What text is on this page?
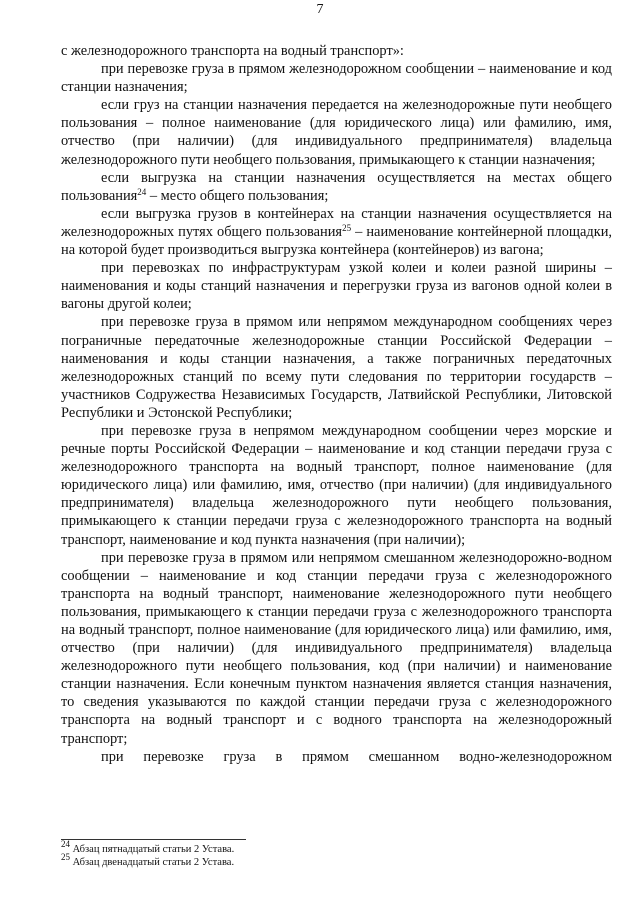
7

с железнодорожного транспорта на водный транспорт»:

при перевозке груза в прямом железнодорожном сообщении – наименование и код станции назначения;

если груз на станции назначения передается на железнодорожные пути необщего пользования – полное наименование (для юридического лица) или фамилию, имя, отчество (при наличии) (для индивидуального предпринимателя) владельца железнодорожного пути необщего пользования, примыкающего к станции назначения;

если выгрузка на станции назначения осуществляется на местах общего пользования$^{24}$ – место общего пользования;

если выгрузка грузов в контейнерах на станции назначения осуществляется на железнодорожных путях общего пользования$^{25}$ – наименование контейнерной площадки, на которой будет производиться выгрузка контейнера (контейнеров) из вагона;

при перевозках по инфраструктурам узкой колеи и колеи разной ширины – наименования и коды станций назначения и перегрузки груза из вагонов одной колеи в вагоны другой колеи;

при перевозке груза в прямом или непрямом международном сообщениях через пограничные передаточные железнодорожные станции Российской Федерации – наименования и коды станции назначения, а также пограничных передаточных железнодорожных станций по всему пути следования по территории государств – участников Содружества Независимых Государств, Латвийской Республики, Литовской Республики и Эстонской Республики;

при перевозке груза в непрямом международном сообщении через морские и речные порты Российской Федерации – наименование и код станции передачи груза с железнодорожного транспорта на водный транспорт, полное наименование (для юридического лица) или фамилию, имя, отчество (при наличии) (для индивидуального предпринимателя) владельца железнодорожного пути необщего пользования, примыкающего к станции передачи груза с железнодорожного транспорта на водный транспорт, наименование и код пункта назначения (при наличии);

при перевозке груза в прямом или непрямом смешанном железнодорожно-водном сообщении – наименование и код станции передачи груза с железнодорожного транспорта на водный транспорт, наименование железнодорожного пути необщего пользования, примыкающего к станции передачи груза с железнодорожного транспорта на водный транспорт, полное наименование (для юридического лица) или фамилию, имя, отчество (при наличии) (для индивидуального предпринимателя) владельца железнодорожного пути необщего пользования, код (при наличии) и наименование станции назначения. Если конечным пунктом назначения является станция назначения, то сведения указываются по каждой станции передачи груза с железнодорожного транспорта на водный транспорт и с водного транспорта на железнодорожный транспорт;

при перевозке груза в прямом смешанном водно-железнодорожном

$^{24}$ Абзац пятнадцатый статьи 2 Устава.

$^{25}$ Абзац двенадцатый статьи 2 Устава.
